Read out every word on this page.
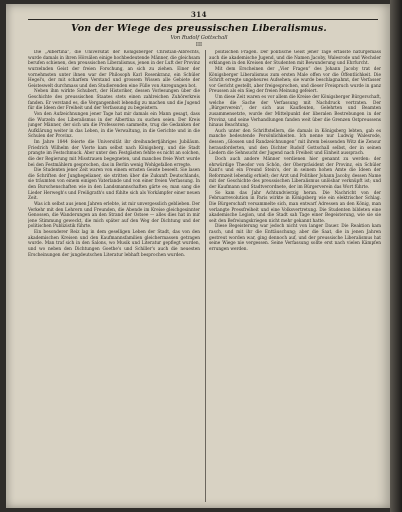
314
Von der Wiege des preussischen Liberalismus.
Von Rudolf Gottschall
III

Die „Albertina“, die Universität der Königsberger Christian-Albrechts, wurde damals in ihren Hörsälen einige hochbedeutende Männer, die gleichsam berufen schienen, den preussischen Liberalismus, jenen in der Luft der Provinz wurzelnden Geist der freien Forschung, an sich zu ziehen. Einer der vornehmsten unter ihnen war der Philosoph Karl Rosenkranz, ein Schüler Hegel's, der mit scharfem Verstand und grossem Wissen alle Gebiete der Geisteswelt durchmass und den Studierenden eine Fülle von Anregungen bot.

Neben ihm wirkte Schubert, der Historiker, dessen Vorlesungen über die Geschichte des preussischen Staates stets einen zahlreichen Zuhörerkreis fanden. Er verstand es, die Vergangenheit lebendig zu machen und die Jugend für die Ideen der Freiheit und der Verfassung zu begeistern.

Von den Aufzeichnungen jener Tage hat mir damals ein Mann gesagt, dass die Wurzeln des Liberalismus in der Albertina zu suchen seien. Der Kreis junger Männer, der sich um die Professoren sammelte, trug die Gedanken der Aufklärung weiter in das Leben, in die Verwaltung, in die Gerichte und in die Schulen der Provinz.

Im Jahre 1844 feierte die Universität ihr dreihundertjähriges Jubiläum. Friedrich Wilhelm der Vierte kam selbst nach Königsberg, und die Stadt prangte im Festschmuck. Aber unter den Festgästen fehlte es nicht an solchen, die der Regierung mit Misstrauen begegneten, und manches freie Wort wurde bei den Festmählern gesprochen, das in Berlin wenig Wohlgefallen erregte.

Die Studenten jener Zeit waren von einem ernsten Geiste beseelt. Sie lasen die Schriften der Junghegelianer, sie stritten über die Zukunft Deutschlands, sie träumten von einem einigen Vaterlande und von einer freien Verfassung. In den Burschenschaften wie in den Landsmannschaften gärte es; man sang die Lieder Herwegh's und Freiligrath's und fühlte sich als Vorkämpfer einer neuen Zeit.

Was ich selbst aus jenen Jahren erlebte, ist mir unvergesslich geblieben. Der Verkehr mit den Lehrern und Freunden, die Abende im Kreise gleichgesinnter Genossen, die Wanderungen an den Strand der Ostsee — alles dies hat in mir jene Stimmung geweckt, die mich später auf den Weg der Dichtung und der politischen Publizistik führte.

Ein besonderer Reiz lag in dem geselligen Leben der Stadt, das von den akademischen Kreisen und den Kaufmannsfamilien gleichermassen getragen wurde. Man traf sich in den Salons, wo Musik und Literatur gepflegt wurden, und wo neben den Dichtungen Goethe's und Schiller's auch die neuesten Erscheinungen der jungdeutschen Literatur lebhaft besprochen wurden.

politischen Fragen. Der politische Geist jener Tage erfasste naturgemäss auch die akademische Jugend, und die Namen Jacoby, Walesrode und Wechsler erklangen in den Kreisen der Studenten mit Bewunderung und Ehrfurcht.

Mit dem Erscheinen der „Vier Fragen“ des Johann Jacoby trat der Königsberger Liberalismus zum ersten Male offen vor die Öffentlichkeit. Die Schrift erregte ungeheures Aufsehen; sie wurde beschlagnahmt, der Verfasser vor Gericht gestellt, aber freigesprochen, und dieser Freispruch wurde in ganz Preussen als ein Sieg der freien Meinung gefeiert.

Um diese Zeit waren es vor allem die Kreise der Königsberger Bürgerschaft, welche die Sache der Verfassung mit Nachdruck vertraten. Der „Bürgerverein“, der sich aus Kaufleuten, Gelehrten und Beamten zusammensetzte, wurde der Mittelpunkt der liberalen Bestrebungen in der Provinz, und seine Verhandlungen fanden weit über die Grenzen Ostpreussens hinaus Beachtung.

Auch unter den Schriftstellern, die damals in Königsberg lebten, gab es manche bedeutende Persönlichkeiten. Ich nenne nur Ludwig Walesrode, dessen „Glossen und Randzeichnungen“ mit ihrem beissenden Witz die Zensur herausforderten, und den Dichter Rudolf Gottschall selbst, der in seinen Liedern die Sehnsucht der Jugend nach Freiheit und Einheit aussprach.

Doch auch andere Männer verdienen hier genannt zu werden: der ehrwürdige Theodor von Schön, der Oberpräsident der Provinz, ein Schüler Kant's und ein Freund Stein's, der in seinem hohen Amte die Ideen der Reformzeit lebendig erhielt; der Arzt und Politiker Johann Jacoby, dessen Name mit der Geschichte des preussischen Liberalismus unlösbar verknüpft ist; und der Kaufmann und Stadtverordnete, der im Bürgerverein das Wort führte.

So kam das Jahr Achtundvierzig heran. Die Nachricht von der Februarrevolution in Paris wirkte in Königsberg wie ein elektrischer Schlag. Die Bürgerschaft versammelte sich, man entwarf Adressen an den König, man verlangte Pressfreiheit und eine Volksvertretung. Die Studenten bildeten eine akademische Legion, und die Stadt sah Tage einer Begeisterung, wie sie sie seit den Befreiungskriegen nicht mehr gekannt hatte.

Diese Begeisterung war jedoch nicht von langer Dauer. Die Reaktion kam rasch, und mit ihr die Enttäuschung; aber die Saat, die in jenen Jahren gestreut worden war, ging dennoch auf, und der preussische Liberalismus hat seine Wiege nie vergessen. Seine Verfassung sollte erst nach vielen Kämpfen errungen werden.
